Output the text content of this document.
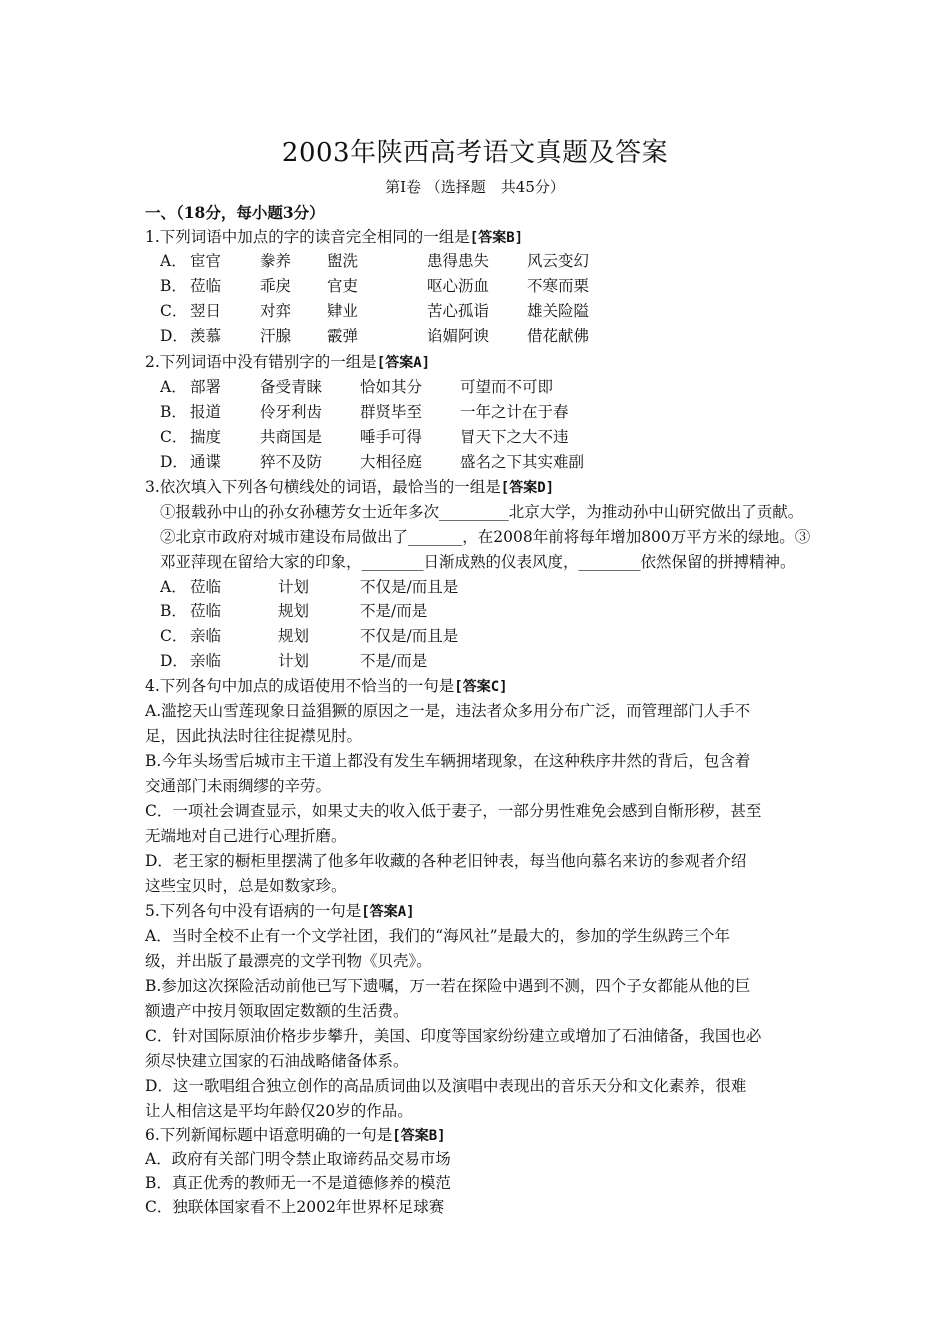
2003年陕西高考语文真题及答案
第Ⅰ卷 （选择题　共45分）
一、（18分，每小题3分）
1.下列词语中加点的字的读音完全相同的一组是[答案B]
A． 宦官	豢养 盥洗	患得患失 风云变幻
B． 莅临	乖戾 官吏	呕心沥血 不寒而栗
C． 翌日	对弈 肄业	苦心孤诣 雄关险隘
D． 羡慕	汗腺 霰弹	谄媚阿谀 借花献佛
2.下列词语中没有错别字的一组是[答案A]
A． 部署	备受青睐 恰如其分 可望而不可即
B． 报道	伶牙利齿 群贤毕至 一年之计在于春
C． 揣度	共商国是 唾手可得 冒天下之大不违
D． 通谍	猝不及防 大相径庭 盛名之下其实难副
3.依次填入下列各句横线处的词语，最恰当的一组是[答案D]
①报载孙中山的孙女孙穗芳女士近年多次_________北京大学，为推动孙中山研究做出了贡献。
②北京市政府对城市建设布局做出了_______，在2008年前将每年增加800万平方米的绿地。③
邓亚萍现在留给大家的印象，________日渐成熟的仪表风度，________依然保留的拼搏精神。
A． 莅临	计划	不仅是/而且是
B． 莅临	规划	不是/而是
C． 亲临	规划	不仅是/而且是
D． 亲临	计划	不是/而是
4.下列各句中加点的成语使用不恰当的一句是[答案C]
A.滥挖天山雪莲现象日益猖獗的原因之一是，违法者众多用分布广泛，而管理部门人手不
足，因此执法时往往捉襟见肘。
B.今年头场雪后城市主干道上都没有发生车辆拥堵现象，在这种秩序井然的背后，包含着
交通部门未雨绸缪的辛劳。
C．一项社会调查显示，如果丈夫的收入低于妻子，一部分男性难免会感到自惭形秽，甚至
无端地对自己进行心理折磨。
D．老王家的橱柜里摆满了他多年收藏的各种老旧钟表，每当他向慕名来访的参观者介绍
这些宝贝时，总是如数家珍。
5.下列各句中没有语病的一句是[答案A]
A．当时全校不止有一个文学社团，我们的“海风社”是最大的，参加的学生纵跨三个年
级，并出版了最漂亮的文学刊物《贝壳》。
B.参加这次探险活动前他已写下遗嘱，万一若在探险中遇到不测，四个子女都能从他的巨
额遗产中按月领取固定数额的生活费。
C．针对国际原油价格步步攀升，美国、印度等国家纷纷建立或增加了石油储备，我国也必
须尽快建立国家的石油战略储备体系。
D．这一歌唱组合独立创作的高品质词曲以及演唱中表现出的音乐天分和文化素养，很难
让人相信这是平均年龄仅20岁的作品。
6.下列新闻标题中语意明确的一句是[答案B]
A．政府有关部门明令禁止取谛药品交易市场
B．真正优秀的教师无一不是道德修养的模范
C．独联体国家看不上2002年世界杯足球赛
